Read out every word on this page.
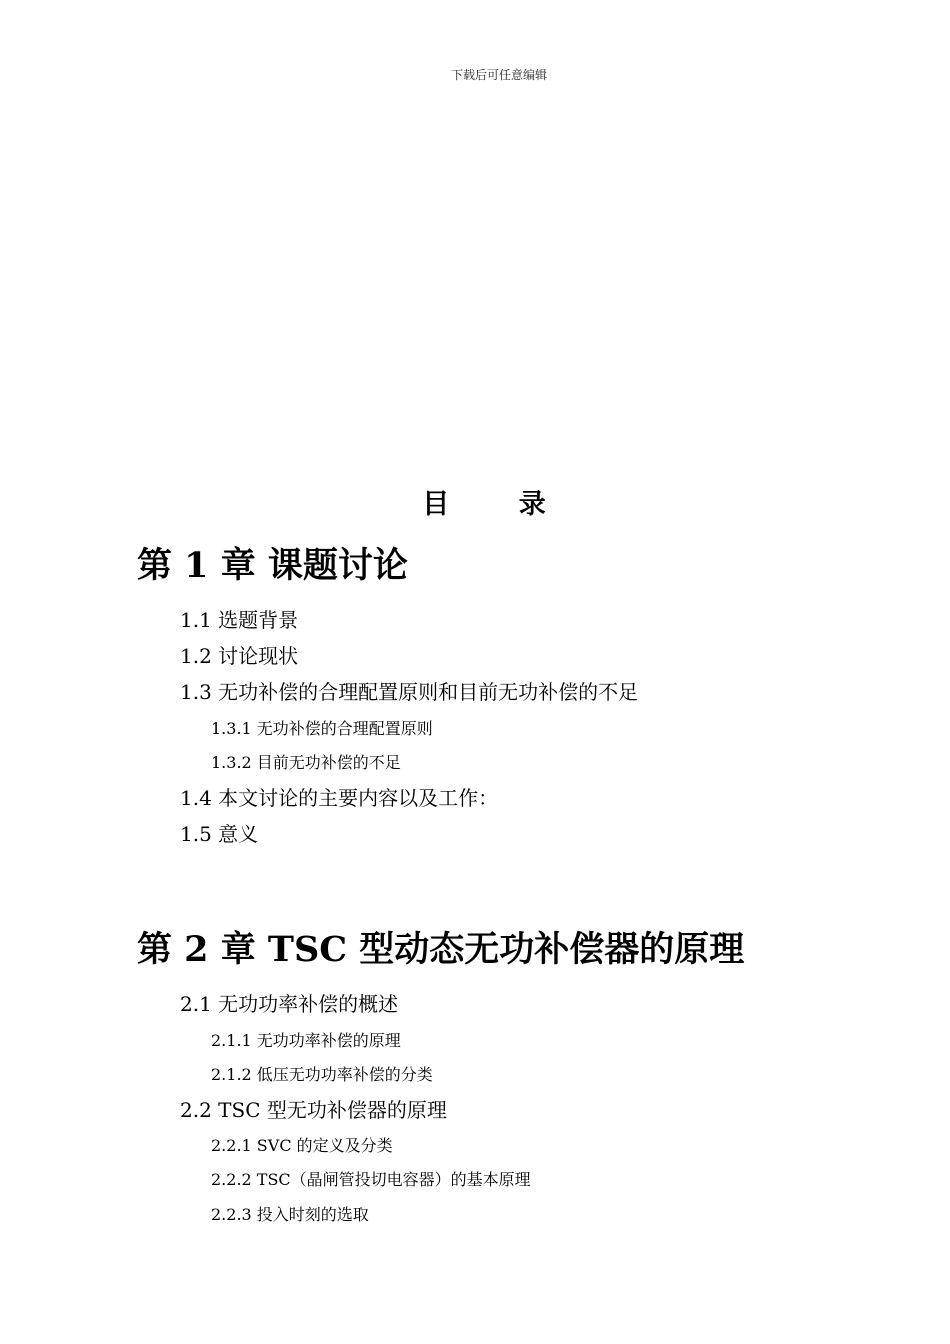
下载后可任意编辑
目 录
第 1 章 课题讨论
1.1 选题背景
1.2 讨论现状
1.3 无功补偿的合理配置原则和目前无功补偿的不足
1.3.1 无功补偿的合理配置原则
1.3.2 目前无功补偿的不足
1.4 本文讨论的主要内容以及工作：
1.5 意义
第 2 章 TSC 型动态无功补偿器的原理
2.1 无功功率补偿的概述
2.1.1 无功功率补偿的原理
2.1.2 低压无功功率补偿的分类
2.2 TSC 型无功补偿器的原理
2.2.1 SVC 的定义及分类
2.2.2 TSC（晶闸管投切电容器）的基本原理
2.2.3 投入时刻的选取
